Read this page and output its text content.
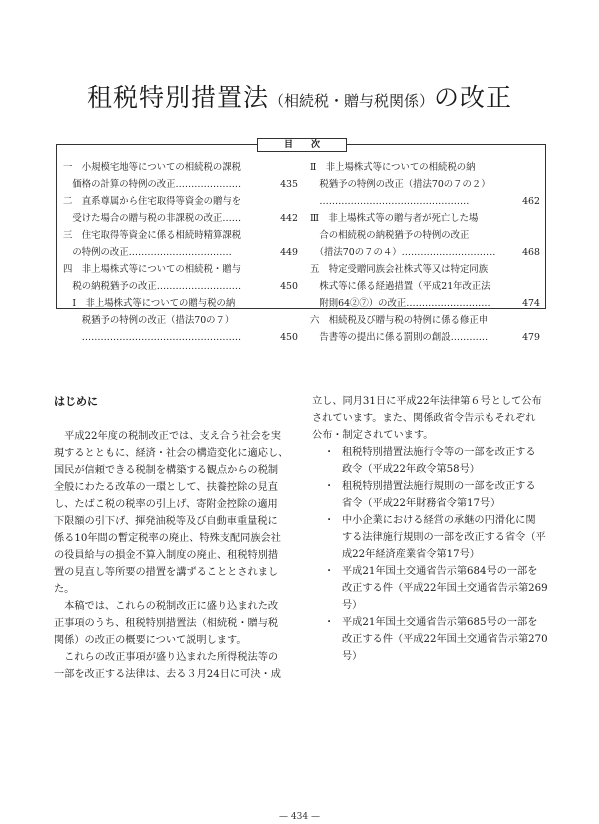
租税特別措置法（相続税・贈与税関係）の改正
目次
一　小規模宅地等についての相続税の課税
435
　価格の計算の特例の改正…………………
二　直系尊属から住宅取得等資金の贈与を
442
　受けた場合の贈与税の非課税の改正……
三　住宅取得等資金に係る相続時精算課税
449
　の特例の改正……………………………
四　非上場株式等についての相続税・贈与
450
　税の納税猶予の改正………………………
　Ⅰ　非上場株式等についての贈与税の納
　　税猶予の特例の改正（措法70の７）
450
　　……………………………………………
Ⅱ　非上場株式等についての相続税の納
　税猶予の特例の改正（措法70の７の２）
462
　…………………………………………
Ⅲ　非上場株式等の贈与者が死亡した場
　合の相続税の納税猶予の特例の改正
468
　（措法70の７の４）…………………………
五　特定受贈同族会社株式等又は特定同族
　株式等に係る経過措置（平成21年改正法
474
　附則64②⑦）の改正………………………
六　相続税及び贈与税の特例に係る修正申
479
　告書等の提出に係る罰則の創設…………
はじめに
　平成22年度の税制改正では、支え合う社会を実
現するとともに、経済・社会の構造変化に適応し、
国民が信頼できる税制を構築する観点からの税制
全般にわたる改革の一環として、扶養控除の見直
し、たばこ税の税率の引上げ、寄附金控除の適用
下限額の引下げ、揮発油税等及び自動車重量税に
係る10年間の暫定税率の廃止、特殊支配同族会社
の役員給与の損金不算入制度の廃止、租税特別措
置の見直し等所要の措置を講ずることとされまし
た。
　本稿では、これらの税制改正に盛り込まれた改
正事項のうち、租税特別措置法（相続税・贈与税
関係）の改正の概要について説明します。
　これらの改正事項が盛り込まれた所得税法等の
一部を改正する法律は、去る３月24日に可決・成
立し、同月31日に平成22年法律第６号として公布
されています。また、関係政省令告示もそれぞれ
公布・制定されています。
・ 租税特別措置法施行令等の一部を改正する
政令（平成22年政令第58号）
・ 租税特別措置法施行規則の一部を改正する
省令（平成22年財務省令第17号）
・ 中小企業における経営の承継の円滑化に関
する法律施行規則の一部を改正する省令（平
成22年経済産業省令第17号）
・ 平成21年国土交通省告示第684号の一部を
改正する件（平成22年国土交通省告示第269
号）
・ 平成21年国土交通省告示第685号の一部を
改正する件（平成22年国土交通省告示第270
号）
— 434 —
